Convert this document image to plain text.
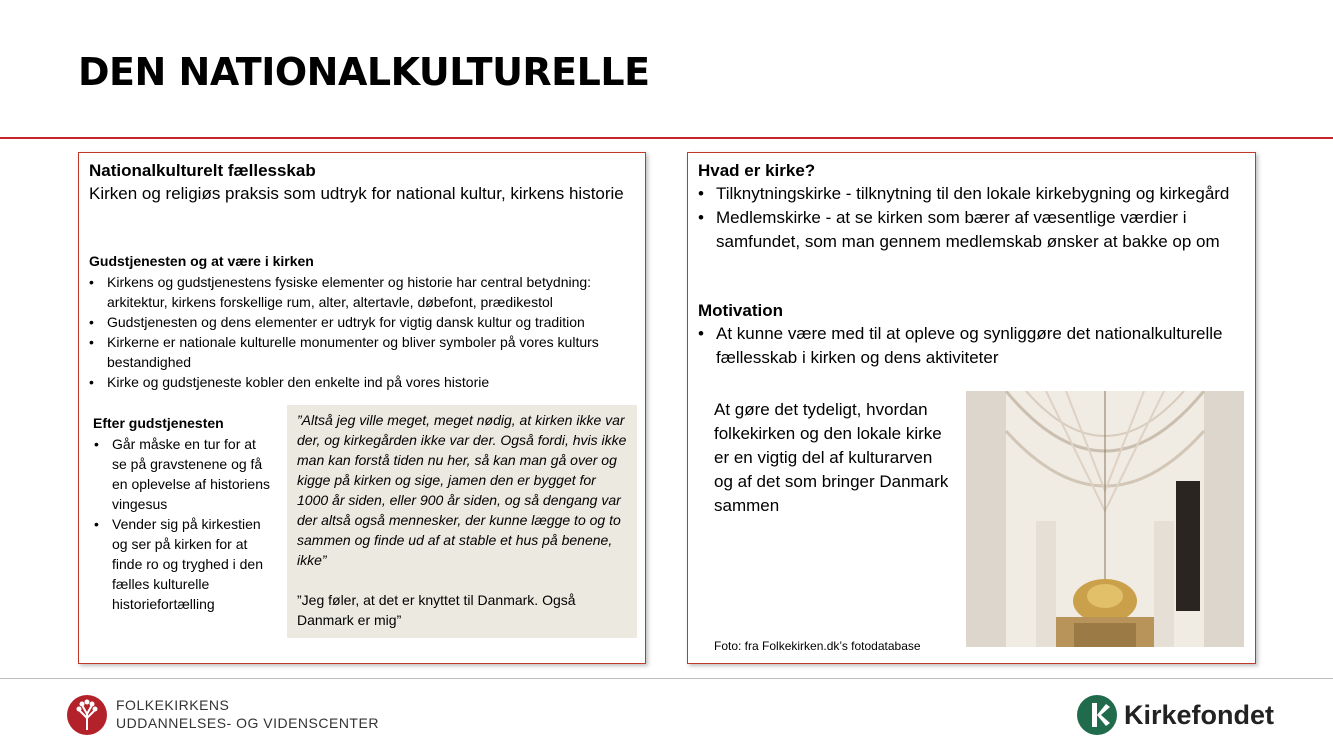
DEN NATIONALKULTURELLE
Nationalkulturelt fællesskab
Kirken og religiøs praksis som udtryk for national kultur, kirkens historie
Gudstjenesten og at være i kirken
• Kirkens og gudstjenestens fysiske elementer og historie har central betydning: arkitektur, kirkens forskellige rum, alter, altertavle, døbefont, prædikestol
• Gudstjenesten og dens elementer er udtryk for vigtig dansk kultur og tradition
• Kirkerne er nationale kulturelle monumenter og bliver symboler på vores kulturs bestandighed
• Kirke og gudstjeneste kobler den enkelte ind på vores historie
Efter gudstjenesten
• Går måske en tur for at se på gravstenene og få en oplevelse af historiens vingesus
• Vender sig på kirkestien og ser på kirken for at finde ro og tryghed i den fælles kulturelle historiefortælling

”Altså jeg ville meget, meget nødig, at kirken ikke var der, og kirkegården ikke var der. Også fordi, hvis ikke man kan forstå tiden nu her, så kan man gå over og kigge på kirken og sige, jamen den er bygget for 1000 år siden, eller 900 år siden, og så dengang var der altså også mennesker, der kunne lægge to og to sammen og finde ud af at stable et hus på benene, ikke”

”Jeg føler, at det er knyttet til Danmark. Også Danmark er mig”

Hvad er kirke?
• Tilknytningskirke - tilknytning til den lokale kirkebygning og kirkegård
• Medlemskirke - at se kirken som bærer af væsentlige værdier i samfundet, som man gennem medlemskab ønsker at bakke op om
Motivation
• At kunne være med til at opleve og synliggøre det nationalkulturelle fællesskab i kirken og dens aktiviteter
At gøre det tydeligt, hvordan folkekirken og den lokale kirke er en vigtig del af kulturarven og af det som bringer Danmark sammen
Foto: fra Folkekirken.dk’s fotodatabase
FOLKEKIRKENS
UDDANNELSES- OG VIDENSCENTER	Kirkefondet
